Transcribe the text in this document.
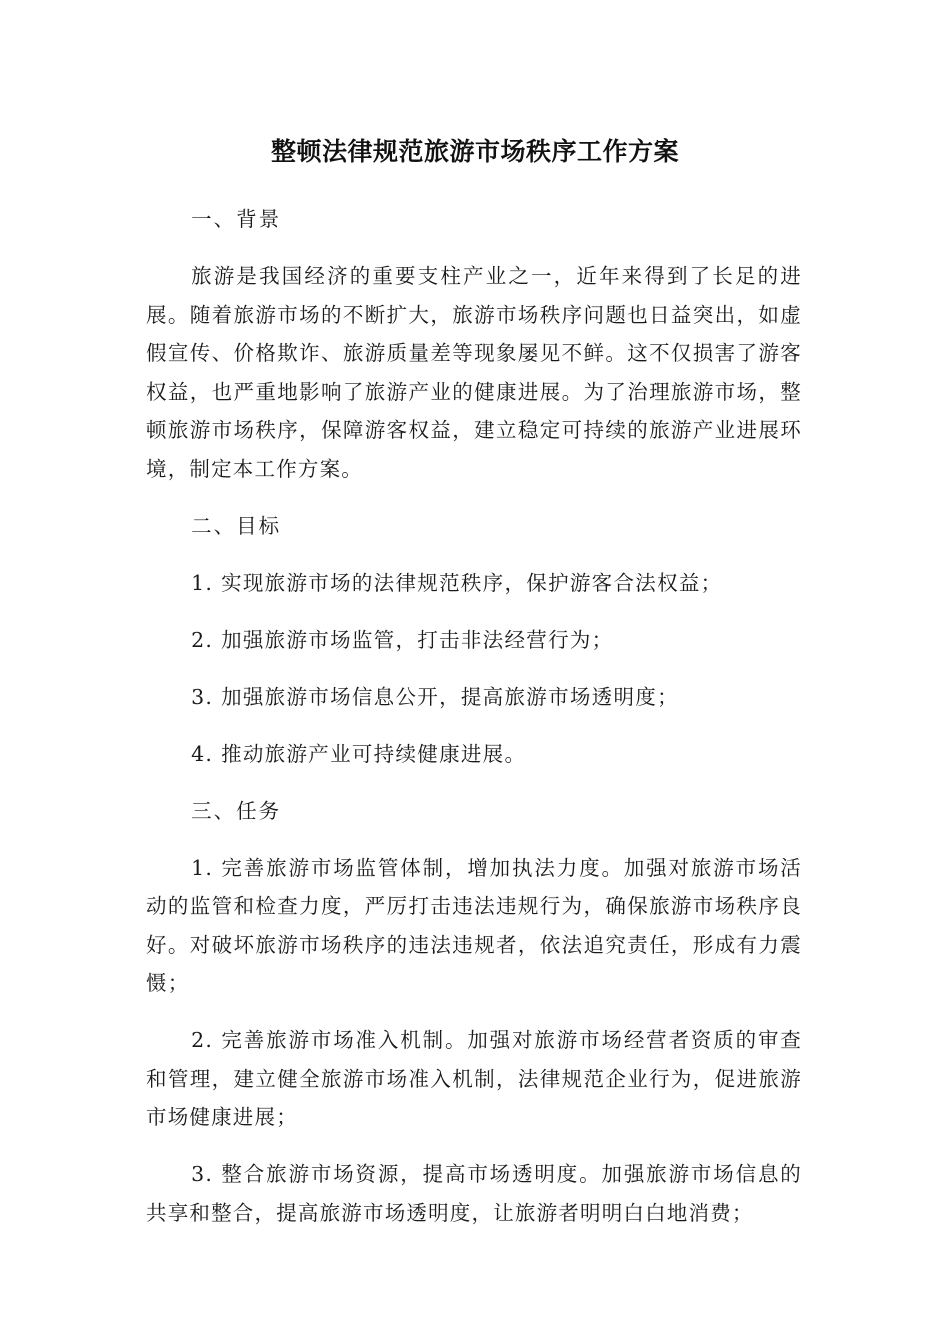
整顿法律规范旅游市场秩序工作方案

一、背景

旅游是我国经济的重要支柱产业之一，近年来得到了长足的进展。随着旅游市场的不断扩大，旅游市场秩序问题也日益突出，如虚假宣传、价格欺诈、旅游质量差等现象屡见不鲜。这不仅损害了游客权益，也严重地影响了旅游产业的健康进展。为了治理旅游市场，整顿旅游市场秩序，保障游客权益，建立稳定可持续的旅游产业进展环境，制定本工作方案。

二、目标

1. 实现旅游市场的法律规范秩序，保护游客合法权益；

2. 加强旅游市场监管，打击非法经营行为；

3. 加强旅游市场信息公开，提高旅游市场透明度；

4. 推动旅游产业可持续健康进展。

三、任务

1. 完善旅游市场监管体制，增加执法力度。加强对旅游市场活动的监管和检查力度，严厉打击违法违规行为，确保旅游市场秩序良好。对破坏旅游市场秩序的违法违规者，依法追究责任，形成有力震慑；

2. 完善旅游市场准入机制。加强对旅游市场经营者资质的审查和管理，建立健全旅游市场准入机制，法律规范企业行为，促进旅游市场健康进展；

3. 整合旅游市场资源，提高市场透明度。加强旅游市场信息的共享和整合，提高旅游市场透明度，让旅游者明明白白地消费；
